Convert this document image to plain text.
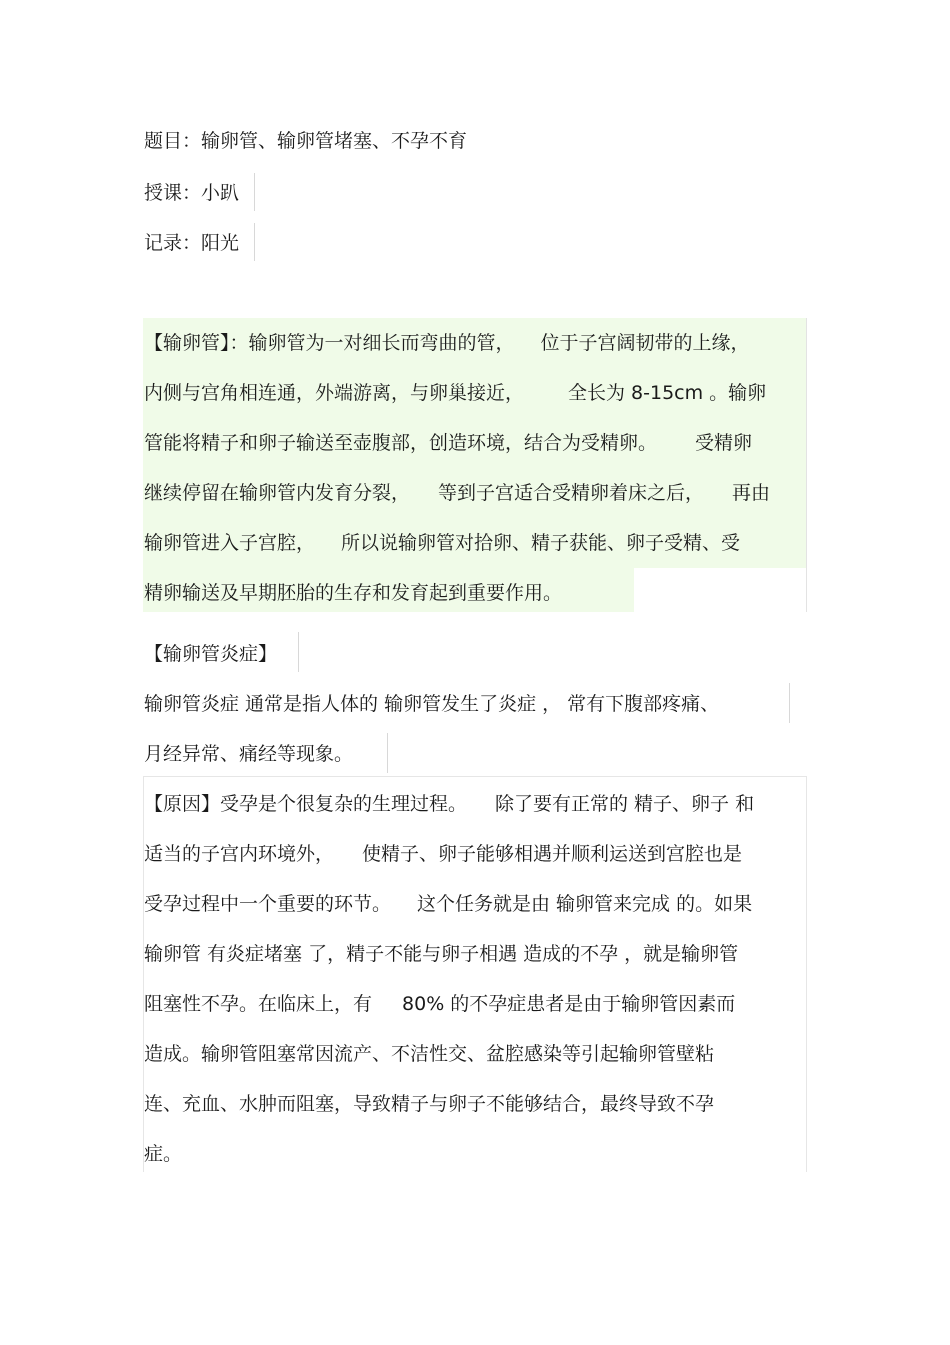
题目：输卵管、输卵管堵塞、不孕不育
授课：小趴
记录：阳光
【输卵管】：输卵管为一对细长而弯曲的管， 位于子宫阔韧带的上缘，
内侧与宫角相连通，外端游离，与卵巢接近， 全长为 8-15cm 。输卵
管能将精子和卵子输送至壶腹部，创造环境，结合为受精卵。 受精卵
继续停留在输卵管内发育分裂， 等到子宫适合受精卵着床之后， 再由
输卵管进入子宫腔， 所以说输卵管对拾卵、精子获能、卵子受精、受
精卵输送及早期胚胎的生存和发育起到重要作用。
【输卵管炎症】
输卵管炎症 通常是指人体的 输卵管发生了炎症 ， 常有下腹部疼痛、
月经异常、痛经等现象。
【原因】受孕是个很复杂的生理过程。 除了要有正常的 精子、卵子 和
适当的子宫内环境外， 使精子、卵子能够相遇并顺利运送到宫腔也是
受孕过程中一个重要的环节。 这个任务就是由 输卵管来完成 的。如果
输卵管 有炎症堵塞 了，精子不能与卵子相遇 造成的不孕 ，就是输卵管
阻塞性不孕。在临床上，有 80% 的不孕症患者是由于输卵管因素而
造成。输卵管阻塞常因流产、不洁性交、盆腔感染等引起输卵管壁粘
连、充血、水肿而阻塞，导致精子与卵子不能够结合，最终导致不孕
症。
